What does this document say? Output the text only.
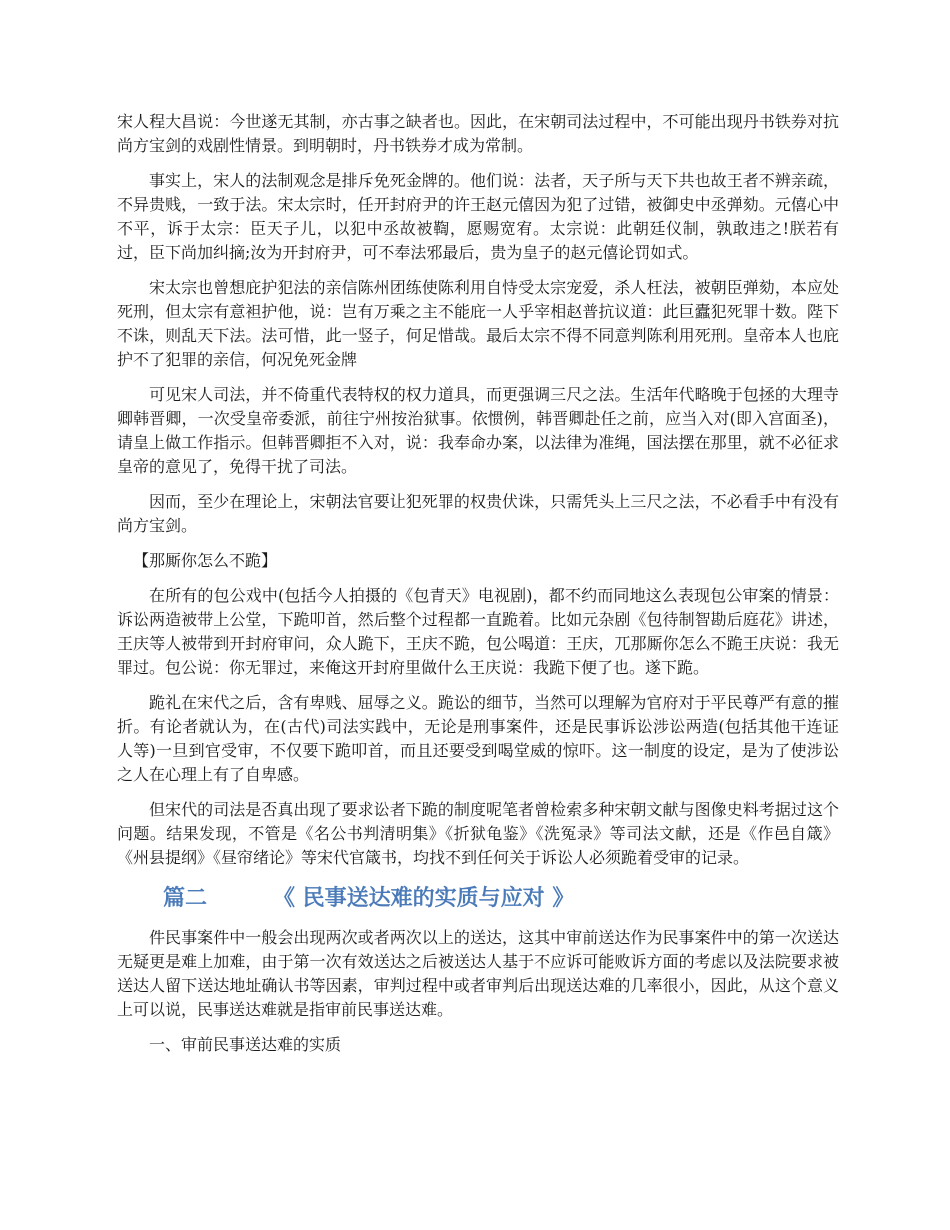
宋人程大昌说：今世遂无其制，亦古事之缺者也。因此，在宋朝司法过程中，不可能出现丹书铁券对抗尚方宝剑的戏剧性情景。到明朝时，丹书铁券才成为常制。

事实上，宋人的法制观念是排斥免死金牌的。他们说：法者，天子所与天下共也故王者不辨亲疏，不异贵贱，一致于法。宋太宗时，任开封府尹的许王赵元僖因为犯了过错，被御史中丞弹劾。元僖心中不平，诉于太宗：臣天子儿，以犯中丞故被鞫，愿赐宽宥。太宗说：此朝廷仪制，孰敢违之!朕若有过，臣下尚加纠摘;汝为开封府尹，可不奉法邪最后，贵为皇子的赵元僖论罚如式。

宋太宗也曾想庇护犯法的亲信陈州团练使陈利用自恃受太宗宠爱，杀人枉法，被朝臣弹劾，本应处死刑，但太宗有意袒护他，说：岂有万乘之主不能庇一人乎宰相赵普抗议道：此巨蠹犯死罪十数。陛下不诛，则乱天下法。法可惜，此一竖子，何足惜哉。最后太宗不得不同意判陈利用死刑。皇帝本人也庇护不了犯罪的亲信，何况免死金牌

可见宋人司法，并不倚重代表特权的权力道具，而更强调三尺之法。生活年代略晚于包拯的大理寺卿韩晋卿，一次受皇帝委派，前往宁州按治狱事。依惯例，韩晋卿赴任之前，应当入对(即入宫面圣)，请皇上做工作指示。但韩晋卿拒不入对，说：我奉命办案，以法律为准绳，国法摆在那里，就不必征求皇帝的意见了，免得干扰了司法。

因而，至少在理论上，宋朝法官要让犯死罪的权贵伏诛，只需凭头上三尺之法，不必看手中有没有尚方宝剑。

【那厮你怎么不跪】

在所有的包公戏中(包括今人拍摄的《包青天》电视剧)，都不约而同地这么表现包公审案的情景：诉讼两造被带上公堂，下跪叩首，然后整个过程都一直跪着。比如元杂剧《包待制智勘后庭花》讲述，王庆等人被带到开封府审问，众人跪下，王庆不跪，包公喝道：王庆，兀那厮你怎么不跪王庆说：我无罪过。包公说：你无罪过，来俺这开封府里做什么王庆说：我跪下便了也。遂下跪。

跪礼在宋代之后，含有卑贱、屈辱之义。跪讼的细节，当然可以理解为官府对于平民尊严有意的摧折。有论者就认为，在(古代)司法实践中，无论是刑事案件，还是民事诉讼涉讼两造(包括其他干连证人等)一旦到官受审，不仅要下跪叩首，而且还要受到喝堂威的惊吓。这一制度的设定，是为了使涉讼之人在心理上有了自卑感。

但宋代的司法是否真出现了要求讼者下跪的制度呢笔者曾检索多种宋朝文献与图像史料考据过这个问题。结果发现，不管是《名公书判清明集》《折狱龟鉴》《洗冤录》等司法文献，还是《作邑自箴》《州县提纲》《昼帘绪论》等宋代官箴书，均找不到任何关于诉讼人必须跪着受审的记录。

篇二	《 民事送达难的实质与应对 》

件民事案件中一般会出现两次或者两次以上的送达，这其中审前送达作为民事案件中的第一次送达无疑更是难上加难，由于第一次有效送达之后被送达人基于不应诉可能败诉方面的考虑以及法院要求被送达人留下送达地址确认书等因素，审判过程中或者审判后出现送达难的几率很小，因此，从这个意义上可以说，民事送达难就是指审前民事送达难。

一、审前民事送达难的实质
